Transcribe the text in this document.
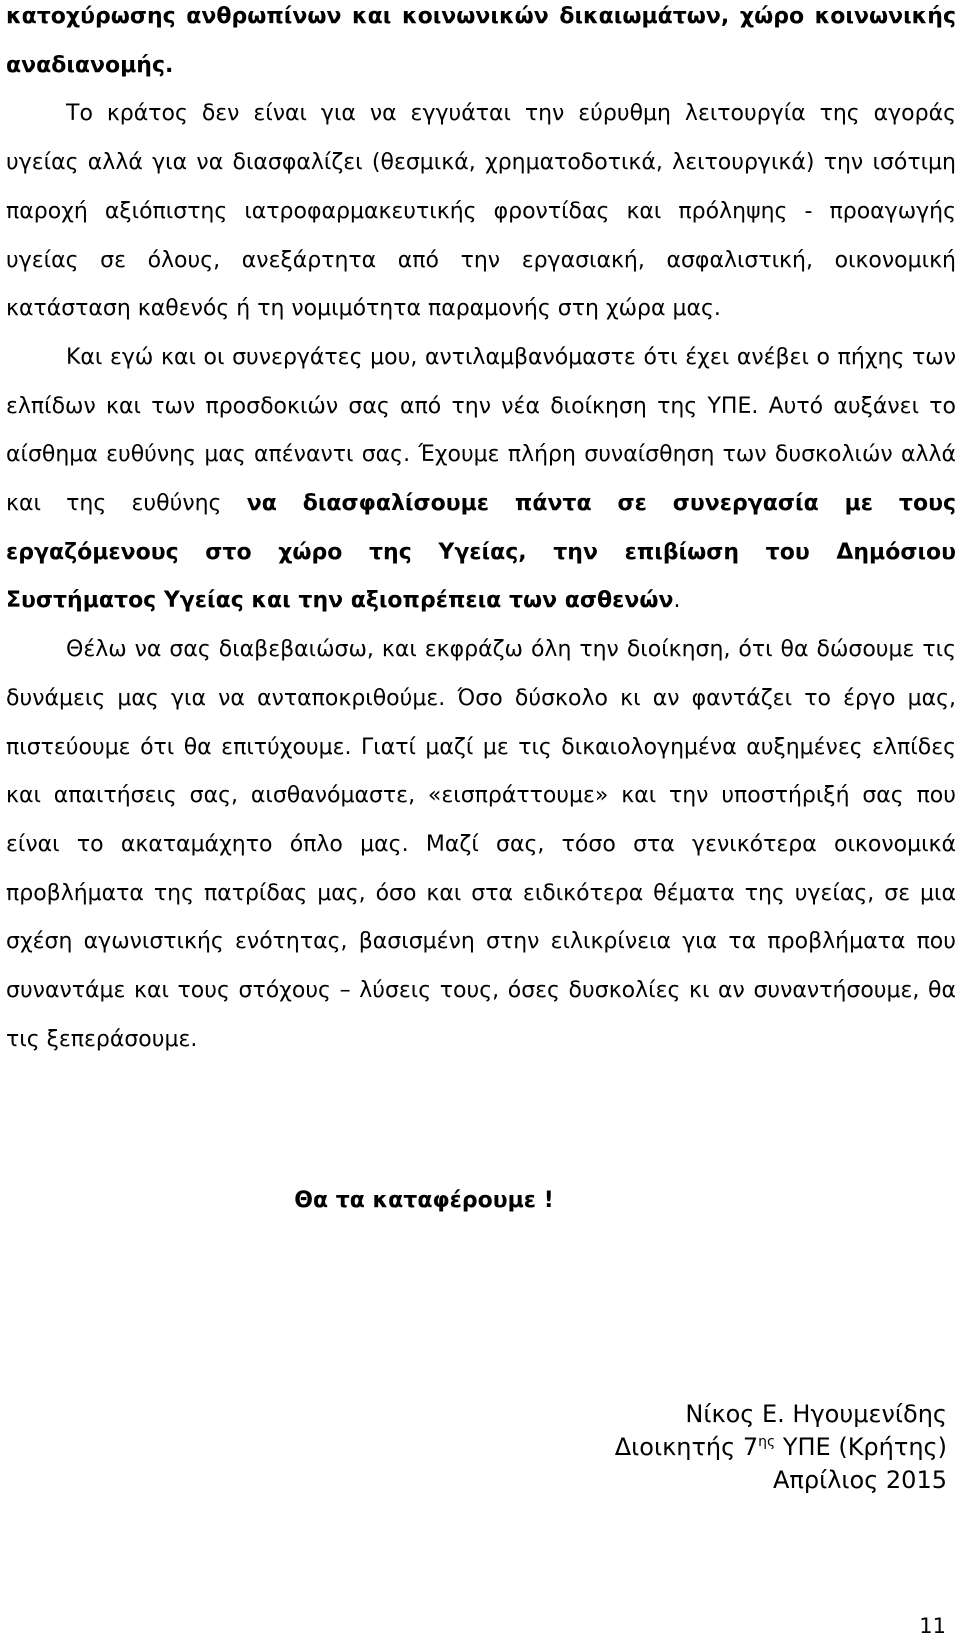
κατοχύρωσης ανθρωπίνων και κοινωνικών δικαιωμάτων, χώρο κοινωνικής αναδιανομής.

Το κράτος δεν είναι για να εγγυάται την εύρυθμη λειτουργία της αγοράς υγείας αλλά για να διασφαλίζει (θεσμικά, χρηματοδοτικά, λειτουργικά) την ισότιμη παροχή αξιόπιστης ιατροφαρμακευτικής φροντίδας και πρόληψης - προαγωγής υγείας σε όλους, ανεξάρτητα από την εργασιακή, ασφαλιστική, οικονομική κατάσταση καθενός ή τη νομιμότητα παραμονής στη χώρα μας.

Και εγώ και οι συνεργάτες μου, αντιλαμβανόμαστε ότι έχει ανέβει ο πήχης των ελπίδων και των προσδοκιών σας από την νέα διοίκηση της ΥΠΕ. Αυτό αυξάνει το αίσθημα ευθύνης μας απέναντι σας. Έχουμε πλήρη συναίσθηση των δυσκολιών αλλά και της ευθύνης να διασφαλίσουμε πάντα σε συνεργασία με τους εργαζόμενους στο χώρο της Υγείας, την επιβίωση του Δημόσιου Συστήματος Υγείας και την αξιοπρέπεια των ασθενών.

Θέλω να σας διαβεβαιώσω, και εκφράζω όλη την διοίκηση, ότι θα δώσουμε τις δυνάμεις μας για να ανταποκριθούμε. Όσο δύσκολο κι αν φαντάζει το έργο μας, πιστεύουμε ότι θα επιτύχουμε. Γιατί μαζί με τις δικαιολογημένα αυξημένες ελπίδες και απαιτήσεις σας, αισθανόμαστε, «εισπράττουμε» και την υποστήριξή σας που είναι το ακαταμάχητο όπλο μας. Μαζί σας, τόσο στα γενικότερα οικονομικά προβλήματα της πατρίδας μας, όσο και στα ειδικότερα θέματα της υγείας, σε μια σχέση αγωνιστικής ενότητας, βασισμένη στην ειλικρίνεια για τα προβλήματα που συναντάμε και τους στόχους – λύσεις τους, όσες δυσκολίες κι αν συναντήσουμε, θα τις ξεπεράσουμε.

Θα τα καταφέρουμε !
Νίκος Ε. Ηγουμενίδης
Διοικητής $7^{\eta\varsigma}$ ΥΠΕ (Κρήτης)
Απρίλιος 2015
11
